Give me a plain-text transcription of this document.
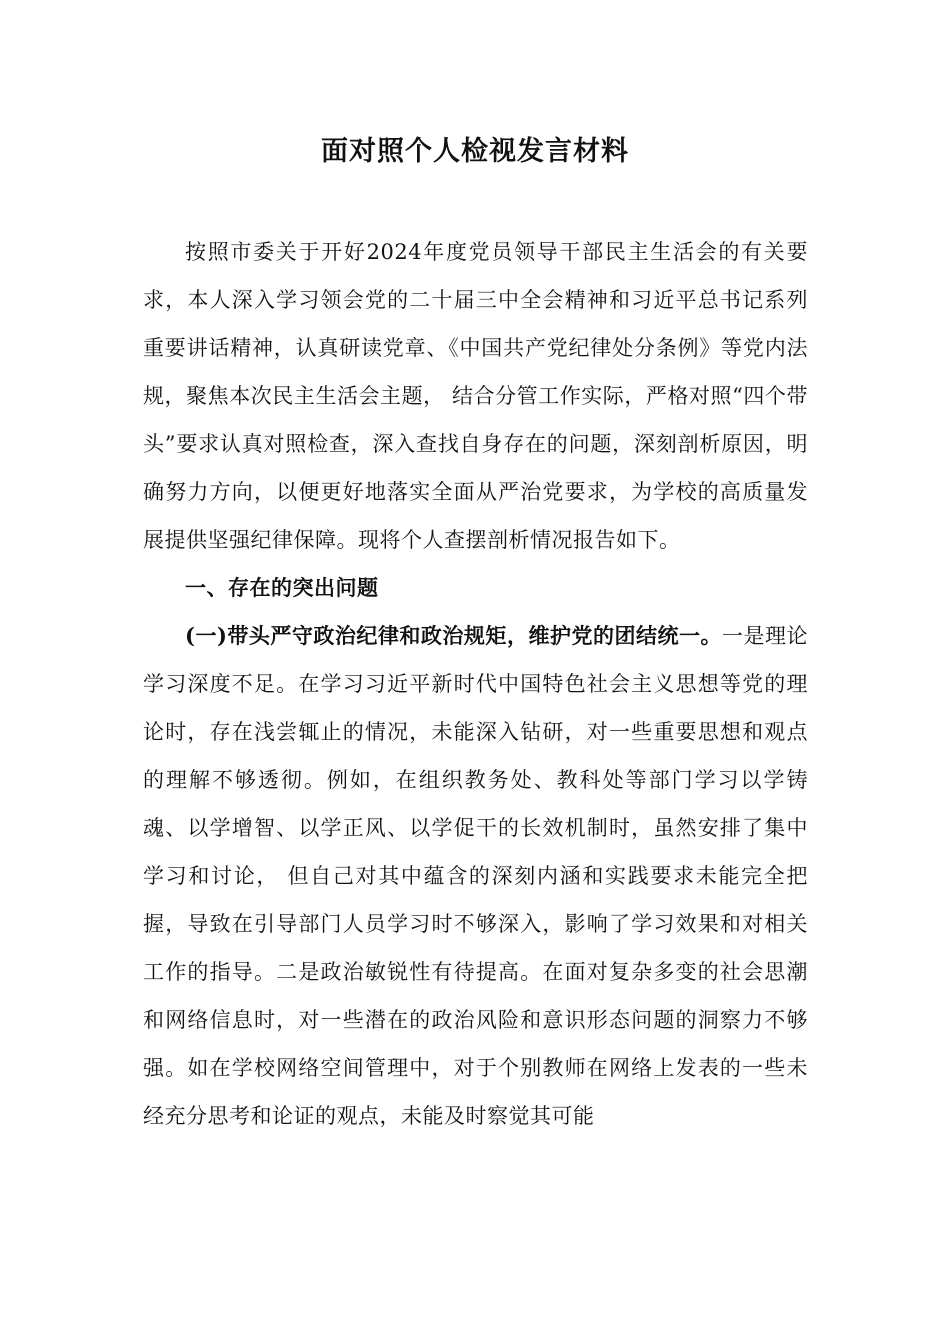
面对照个人检视发言材料

按照市委关于开好2024年度党员领导干部民主生活会的有关要求，本人深入学习领会党的二十届三中全会精神和习近平总书记系列重要讲话精神，认真研读党章、《中国共产党纪律处分条例》等党内法规，聚焦本次民主生活会主题， 结合分管工作实际，严格对照“四个带头”要求认真对照检查，深入查找自身存在的问题，深刻剖析原因，明确努力方向，以便更好地落实全面从严治党要求，为学校的高质量发展提供坚强纪律保障。现将个人查摆剖析情况报告如下。

一、存在的突出问题

(一)带头严守政治纪律和政治规矩，维护党的团结统一。一是理论学习深度不足。在学习习近平新时代中国特色社会主义思想等党的理论时，存在浅尝辄止的情况，未能深入钻研，对一些重要思想和观点的理解不够透彻。例如，在组织教务处、教科处等部门学习以学铸魂、以学增智、以学正风、以学促干的长效机制时，虽然安排了集中学习和讨论， 但自己对其中蕴含的深刻内涵和实践要求未能完全把握，导致在引导部门人员学习时不够深入，影响了学习效果和对相关工作的指导。二是政治敏锐性有待提高。在面对复杂多变的社会思潮和网络信息时，对一些潜在的政治风险和意识形态问题的洞察力不够强。如在学校网络空间管理中，对于个别教师在网络上发表的一些未经充分思考和论证的观点，未能及时察觉其可能
